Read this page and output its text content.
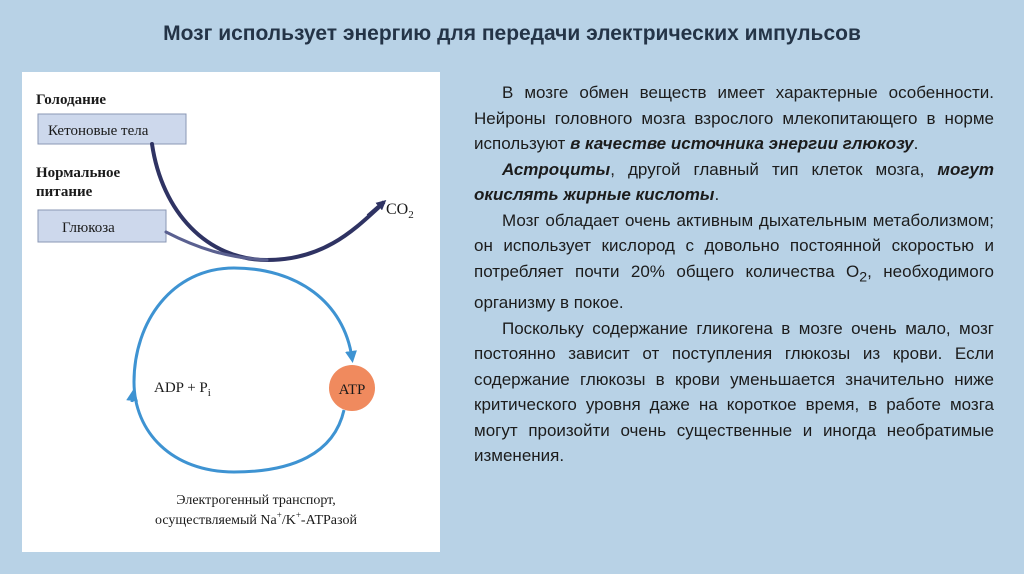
Мозг использует энергию для передачи электрических импульсов
Голодание
Кетоновые тела
Нормальное
питание
Глюкоза
$CO_2$
ATP
ADP + $P_i$
Электрогенный транспорт,
осуществляемый Na+/K+-АТРазой

В мозге обмен веществ имеет характерные особенности. Нейроны головного мозга взрослого млекопитающего в норме используют в качестве источника энергии глюкозу.

Астроциты, другой главный тип клеток мозга, могут окислять жирные кислоты.

Мозг обладает очень активным дыхательным метаболизмом; он использует кислород с довольно постоянной скоростью и потребляет почти 20% общего количества $O_2$, необходимого организму в покое.

Поскольку содержание гликогена в мозге очень мало, мозг постоянно зависит от поступления глюкозы из крови. Если содержание глюкозы в крови уменьшается значительно ниже критического уровня даже на короткое время, в работе мозга могут произойти очень существенные и иногда необратимые изменения.
